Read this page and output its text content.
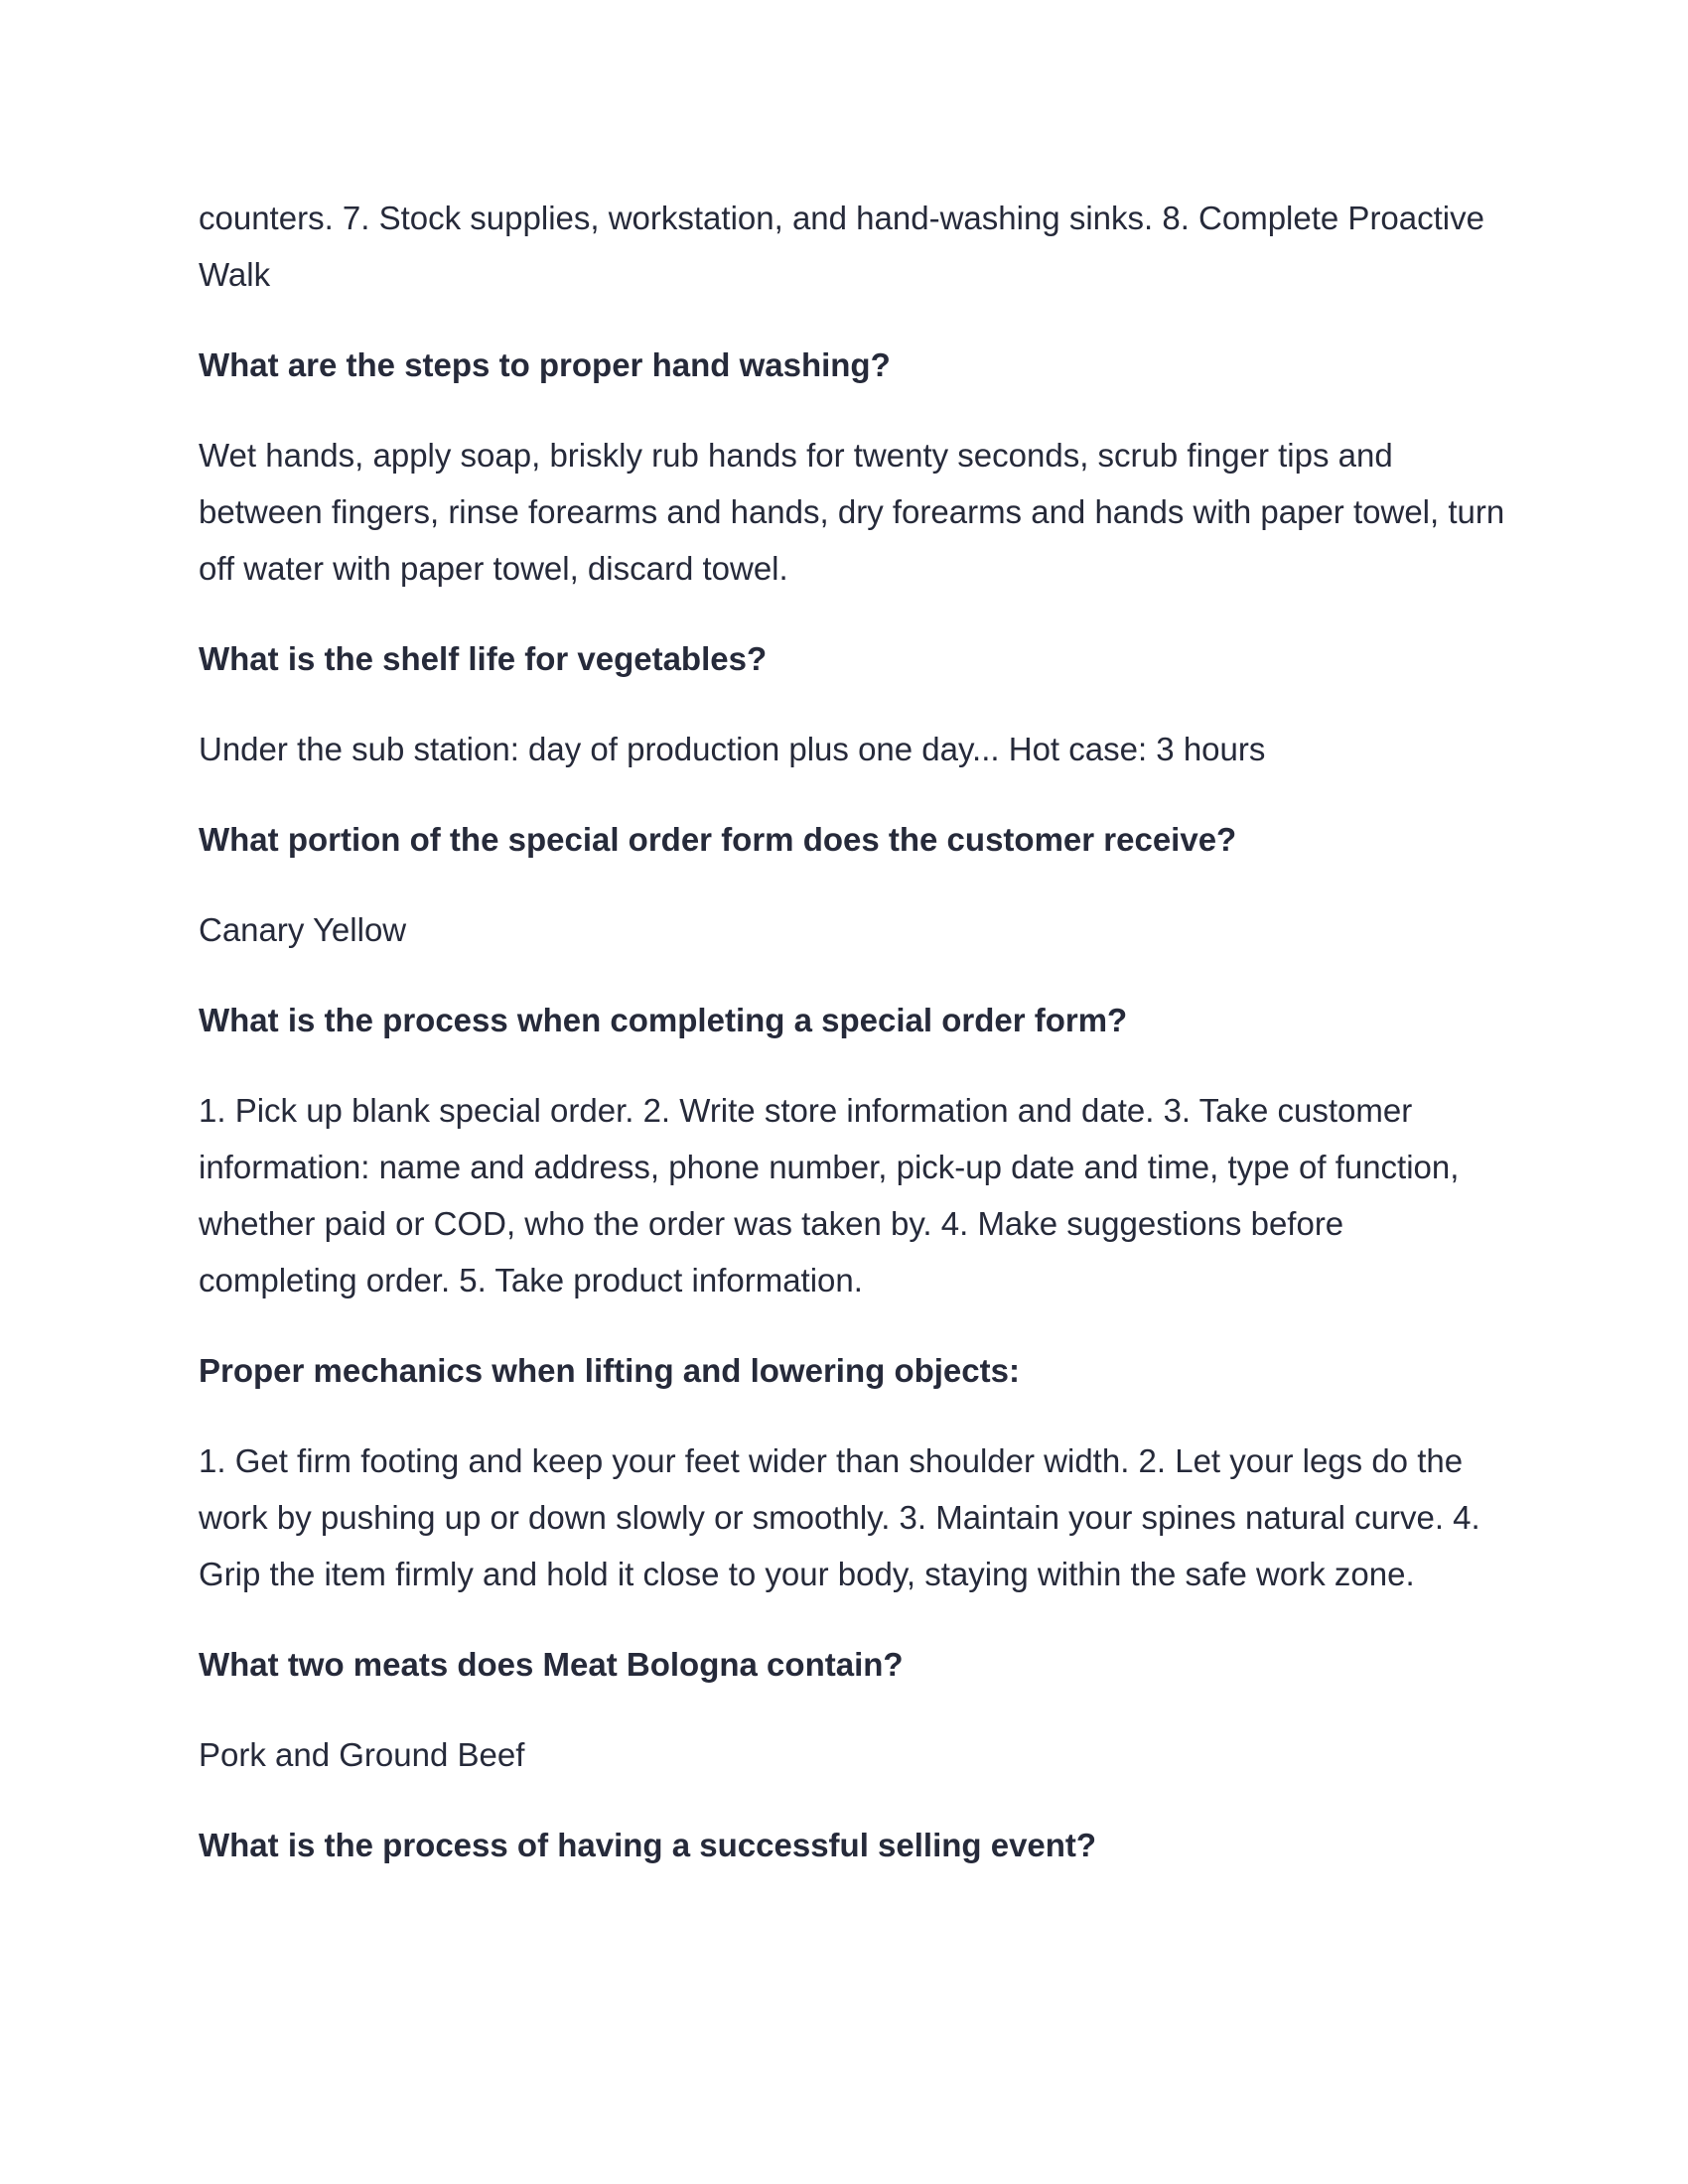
counters. 7. Stock supplies, workstation, and hand-washing sinks. 8. Complete Proactive Walk

What are the steps to proper hand washing?

Wet hands, apply soap, briskly rub hands for twenty seconds, scrub finger tips and between fingers, rinse forearms and hands, dry forearms and hands with paper towel, turn off water with paper towel, discard towel.

What is the shelf life for vegetables?

Under the sub station: day of production plus one day... Hot case: 3 hours

What portion of the special order form does the customer receive?

Canary Yellow

What is the process when completing a special order form?

1. Pick up blank special order. 2. Write store information and date. 3. Take customer information: name and address, phone number, pick-up date and time, type of function, whether paid or COD, who the order was taken by. 4. Make suggestions before completing order. 5. Take product information.

Proper mechanics when lifting and lowering objects:

1. Get firm footing and keep your feet wider than shoulder width. 2. Let your legs do the work by pushing up or down slowly or smoothly. 3. Maintain your spines natural curve. 4. Grip the item firmly and hold it close to your body, staying within the safe work zone.

What two meats does Meat Bologna contain?

Pork and Ground Beef

What is the process of having a successful selling event?
